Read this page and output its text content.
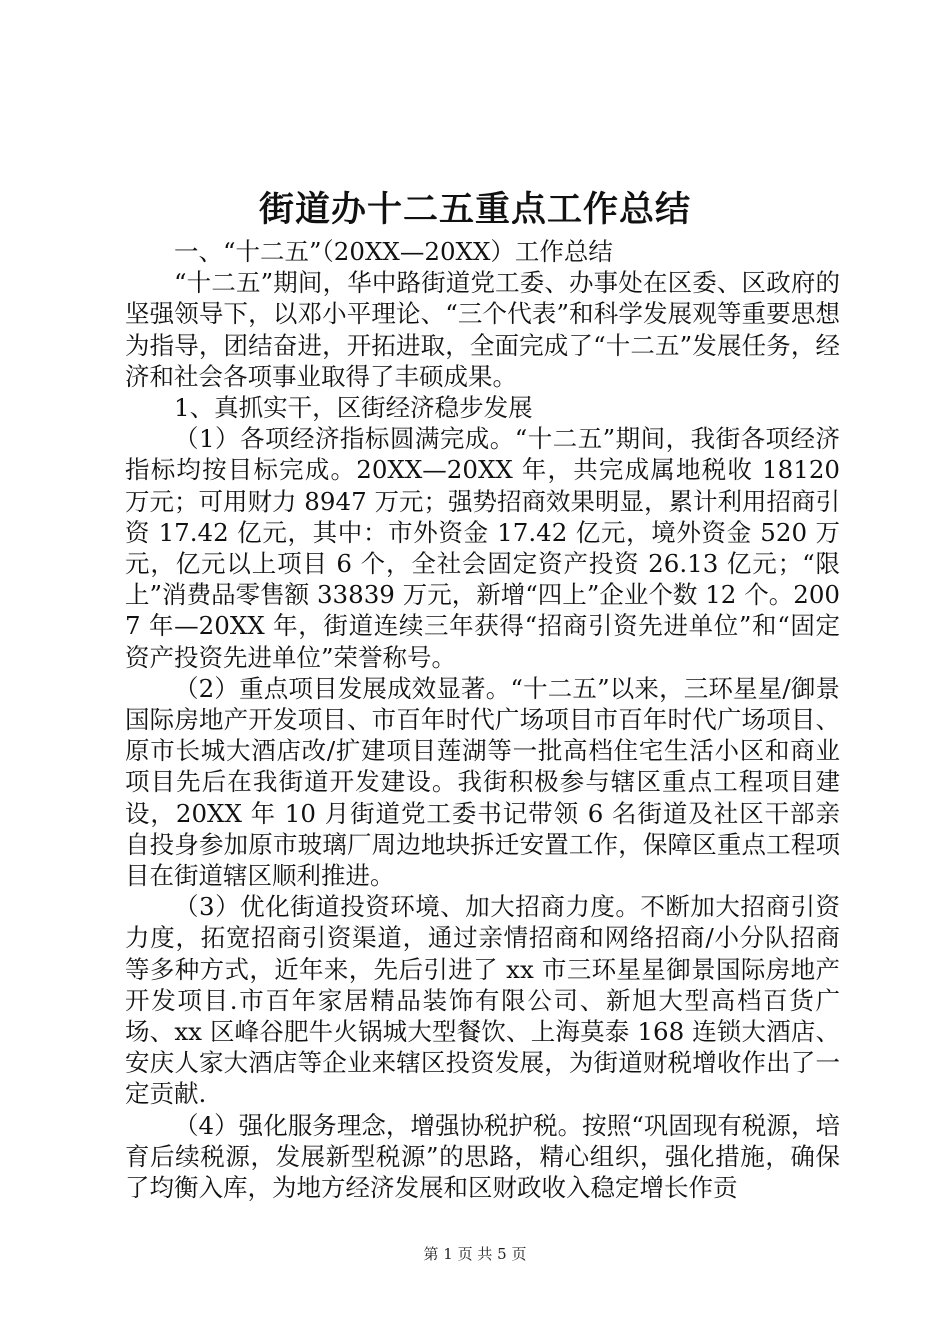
街道办十二五重点工作总结

一、“十二五”（20XX—20XX）工作总结

“十二五”期间，华中路街道党工委、办事处在区委、区政府的坚强领导下，以邓小平理论、“三个代表”和科学发展观等重要思想为指导，团结奋进，开拓进取，全面完成了“十二五”发展任务，经济和社会各项事业取得了丰硕成果。

1、真抓实干，区街经济稳步发展

（1）各项经济指标圆满完成。“十二五”期间，我街各项经济指标均按目标完成。20XX—20XX 年，共完成属地税收 18120 万元；可用财力 8947 万元；强势招商效果明显，累计利用招商引资 17.42 亿元，其中：市外资金 17.42 亿元，境外资金 520 万元，亿元以上项目 6 个，全社会固定资产投资 26.13 亿元；“限上”消费品零售额 33839 万元，新增“四上”企业个数 12 个。2007 年—20XX 年，街道连续三年获得“招商引资先进单位”和“固定资产投资先进单位”荣誉称号。

（2）重点项目发展成效显著。“十二五”以来，三环星星/御景国际房地产开发项目、市百年时代广场项目市百年时代广场项目、原市长城大酒店改/扩建项目莲湖等一批高档住宅生活小区和商业项目先后在我街道开发建设。我街积极参与辖区重点工程项目建设，20XX 年 10 月街道党工委书记带领 6 名街道及社区干部亲自投身参加原市玻璃厂周边地块拆迁安置工作，保障区重点工程项目在街道辖区顺利推进。

（3）优化街道投资环境、加大招商力度。不断加大招商引资力度，拓宽招商引资渠道，通过亲情招商和网络招商/小分队招商等多种方式，近年来，先后引进了 xx 市三环星星御景国际房地产开发项目.市百年家居精品装饰有限公司、新旭大型高档百货广场、xx 区峰谷肥牛火锅城大型餐饮、上海莫泰 168 连锁大酒店、安庆人家大酒店等企业来辖区投资发展，为街道财税增收作出了一定贡献.

（4）强化服务理念，增强协税护税。按照“巩固现有税源，培育后续税源，发展新型税源”的思路，精心组织，强化措施，确保了均衡入库，为地方经济发展和区财政收入稳定增长作贡

第 1 页 共 5 页
